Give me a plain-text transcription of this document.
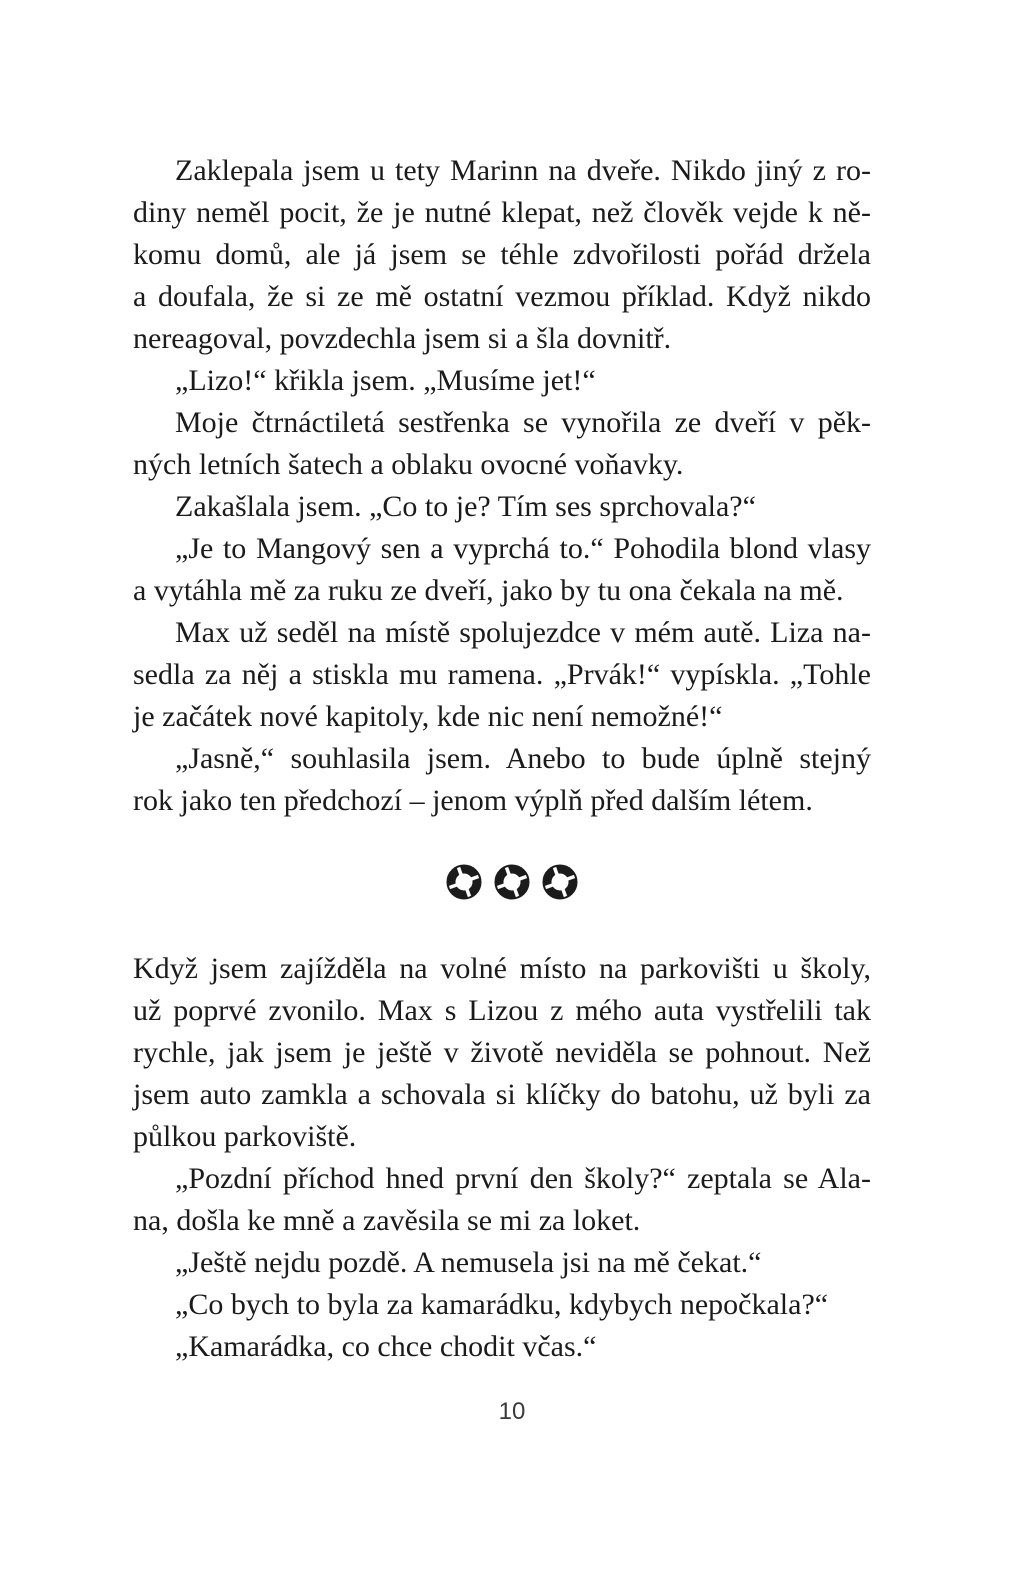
Zaklepala jsem u tety Marinn na dveře. Nikdo jiný z ro-
diny neměl pocit, že je nutné klepat, než člověk vejde k ně-
komu domů, ale já jsem se téhle zdvořilosti pořád držela
a doufala, že si ze mě ostatní vezmou příklad. Když nikdo
nereagoval, povzdechla jsem si a šla dovnitř.
„Lizo!“ křikla jsem. „Musíme jet!“
Moje čtrnáctiletá sestřenka se vynořila ze dveří v pěk-
ných letních šatech a oblaku ovocné voňavky.
Zakašlala jsem. „Co to je? Tím ses sprchovala?“
„Je to Mangový sen a vyprchá to.“ Pohodila blond vlasy
a vytáhla mě za ruku ze dveří, jako by tu ona čekala na mě.
Max už seděl na místě spolujezdce v mém autě. Liza na-
sedla za něj a stiskla mu ramena. „Prvák!“ vypískla. „Tohle
je začátek nové kapitoly, kde nic není nemožné!“
„Jasně,“ souhlasila jsem. Anebo to bude úplně stejný
rok jako ten předchozí – jenom výplň před dalším létem.
Když jsem zajížděla na volné místo na parkovišti u školy,
už poprvé zvonilo. Max s Lizou z mého auta vystřelili tak
rychle, jak jsem je ještě v životě neviděla se pohnout. Než
jsem auto zamkla a schovala si klíčky do batohu, už byli za
půlkou parkoviště.
„Pozdní příchod hned první den školy?“ zeptala se Ala-
na, došla ke mně a zavěsila se mi za loket.
„Ještě nejdu pozdě. A nemusela jsi na mě čekat.“
„Co bych to byla za kamarádku, kdybych nepočkala?“
„Kamarádka, co chce chodit včas.“
10
